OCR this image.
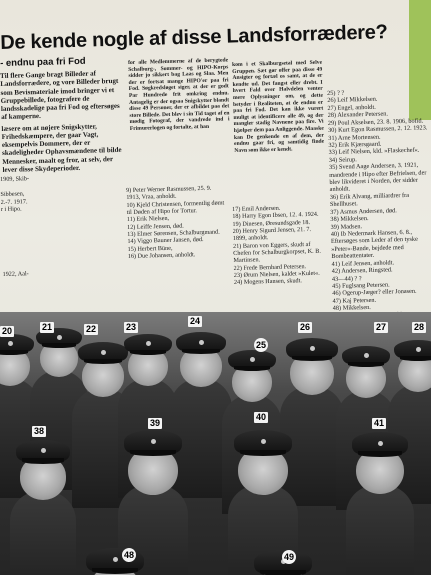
De kende nogle af disse Landsforrædere?
- endnu paa fri Fod
Til flere Gange bragt Billeder af Landsforrædere, og vore Billeder brugt som Bevismateriale imod bringer vi et Gruppebillede, fotografere de landsskadelige paa fri Fod og eftersøges af kamperne.
læsere om at nøjere Snigskytter, Frihedskæmpere, der gaar Vagt, eksempelvis Dommere, der er skadeligheder Ophavsmændene til bilde Mennesker, maalt og fror, at selv, der lever disse Skydeperioder.
1909, Skib-
Sibbesen,
2.-7. 1917.
r i Hipo.
1922, Aal-
for alle Medlemmerne af de berygtede Schalburg-, Sommer- og HIPO-Korps sidder jo sikkert bag Laas og Slaa. Men der er fortsat mange HIPO'er paa fri Fod. Søgkredsløget siger, at der er godt Par Hundrede frit omkring endnu. Antagelig er der ogsaa Snigskytter blandt disse 49 Personer, der er afbildet paa det store Billede. Det blev i sin Tid taget af en mødig Fotograf, der vandrede ind i Frimurerlogen og fortalte, at han
9) Peter Werner Rasmussen, 25. 9. 1913, Vraa, anholdt.
10) Kjeld Christensen, formentlig dømt til Døden af Hipo for Tortur.
11) Erik Nielsen,
12) Leiffe Jensen, død.
13) Elmer Sørensen, Schalburgmand.
14) Viggo Bauner Jansen, død.
15) Herbert Büne,
16) Due Johansen, anholdt.
kom i et Skalburgsetal med Selve Gruppen. Sæt gør offer paa disse 49 Ansigter og fortæl os samt, at de er kendte ud. Det fangst eller drebt. I hvert Fald over Halvdelen venter mere Oplysninger om, og dette betyder i Realiteten, at de endnu er paa fri Fod. Det kan ikke vurert muligt at identificere alle 49, og der mangler stadig Navnene paa fire. Vi hjælper dem paa Anliggende. Maaske kan De genkende en af dem, der endnu gaar fri, og samtidig finde Navn som ikke er kendt.
17) Emil Andersen.
18) Harry Egon Ibsen, 12. 4. 1924.
19) Dinesen, Øresundsgade 18.
20) Henry Sigurd Jensen, 21. 7. 1899, anholdt.
21) Baron von Eggers, skudt af Chefen for Schalburgkorpset, K. B. Martinsen.
22) Frede Bernhard Petersen.
23) Ørum Nielsen, kaldet »Kulet«.
24) Mogens Hansen, skudt.
25) ? ?
26) Leif Mikkelsen.
27) Engel, anholdt.
28) Alexander Petersen.
29) Poul Akselsen, 23. 8. 1906, bofid.
30) Kurt Egon Rasmussen, 2. 12. 1923.
31) Arne Mortensen.
32) Erik Kjærsgaard.
33) Leif Nielsen, kld. »Flaskechef«.
34) Seirup.
35) Svend Aage Andersen, 3. 1921, mandrende i Hipo efter Befrielsen, der blev likvideret i Norden, der sidder anholdt.
36) Erik Alvang, milliardrer fra Shellhuset.
37) Asmus Andersen, død.
38) Mikkelsen.
39) Madsen.
40) Ib Nedermark Hansen, 6. 8., Eftersøges som Leder af den tyske »Peter«-Bande, bejdede med Bombeattentater.
41) Leif Jensen, anholdt.
42) Andersen, Ringsted.
43—44) ? ?
45) Fuglsang Petersen.
46) Ogerup-Jæger? eller Jonasen.
47) Kaj Petersen.
48) Mikkelsen.
20	21	22	23
24
25
26	27	28
38
39
40
41
48	49
